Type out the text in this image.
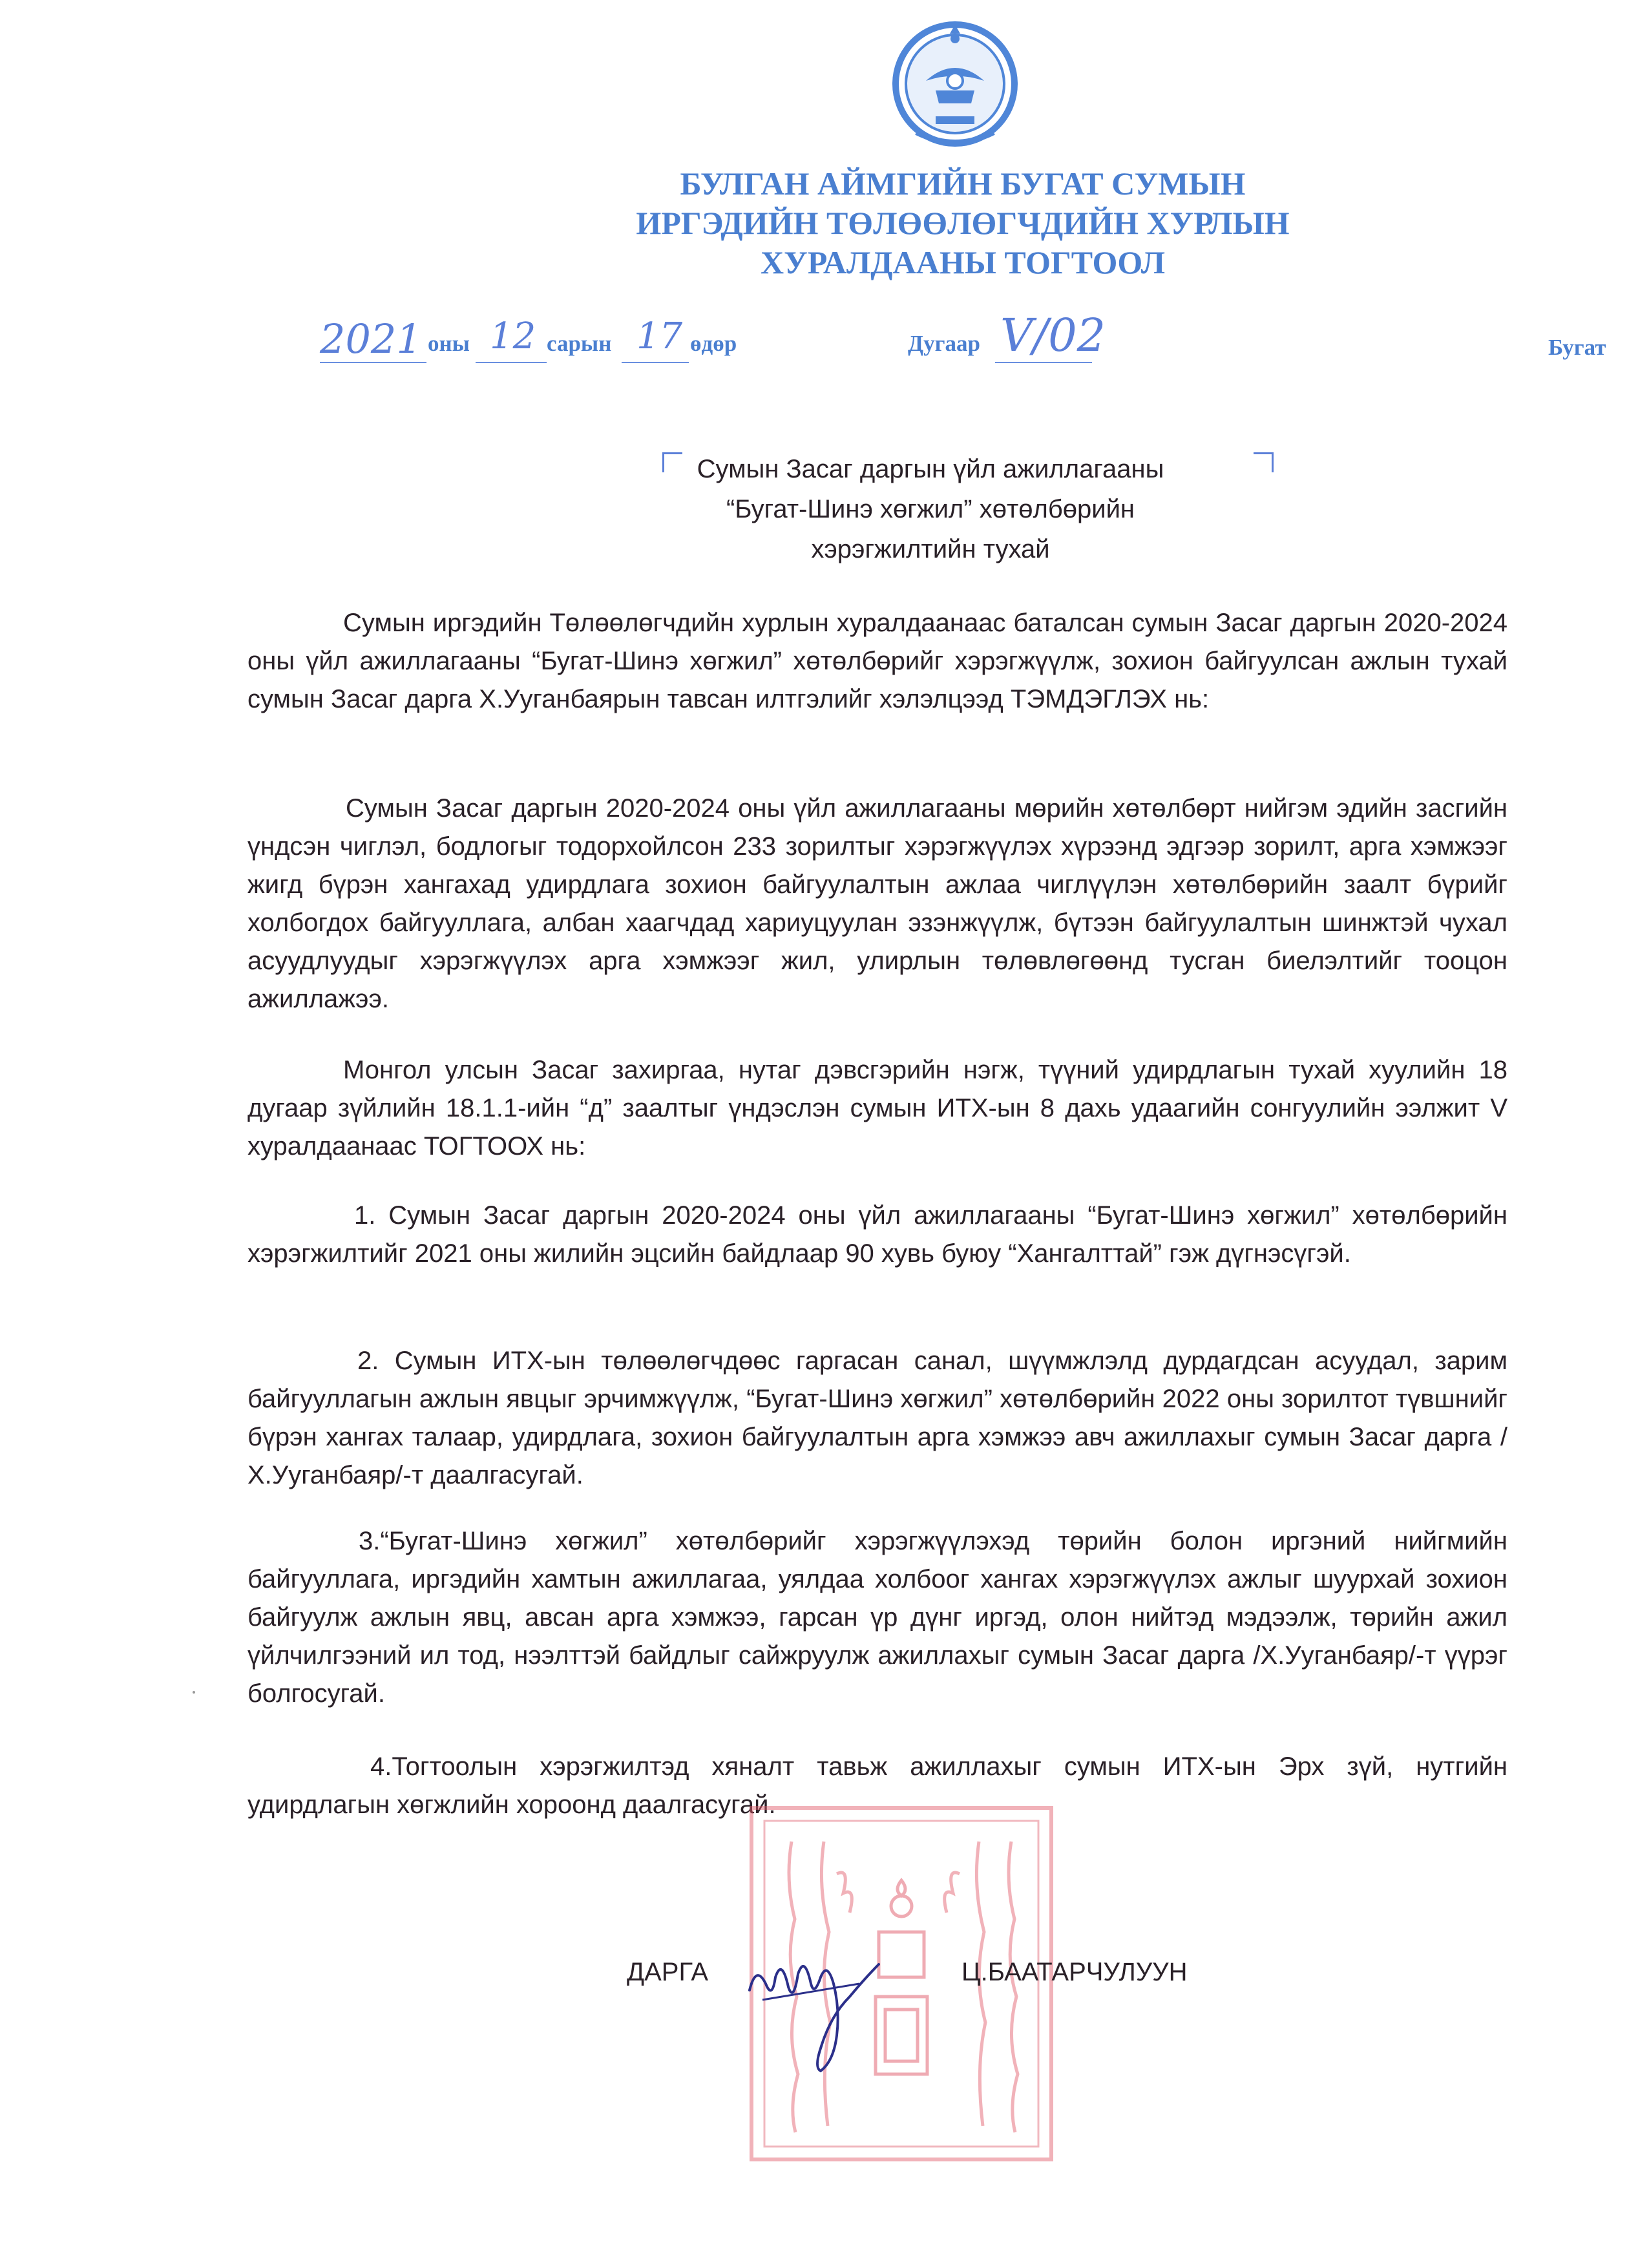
БУЛГАН АЙМГИЙН БУГАТ СУМЫН
ИРГЭДИЙН ТӨЛӨӨЛӨГЧДИЙН ХУРЛЫН
ХУРАЛДААНЫ ТОГТООЛ
2021 оны 12 сарын 17 өдөр	Дугаар V/02	Бугат
Сумын Засаг даргын үйл ажиллагааны
“Бугат-Шинэ хөгжил” хөтөлбөрийн
хэрэгжилтийн тухай
Сумын иргэдийн Төлөөлөгчдийн хурлын хуралдаанаас баталсан сумын Засаг даргын 2020-2024 оны үйл ажиллагааны “Бугат-Шинэ хөгжил” хөтөлбөрийг хэрэгжүүлж, зохион байгуулсан ажлын тухай сумын Засаг дарга Х.Ууганбаярын тавсан илтгэлийг хэлэлцээд ТЭМДЭГЛЭХ нь:
Сумын Засаг даргын 2020-2024 оны үйл ажиллагааны мөрийн хөтөлбөрт нийгэм эдийн засгийн үндсэн чиглэл, бодлогыг тодорхойлсон 233 зорилтыг хэрэгжүүлэх хүрээнд эдгээр зорилт, арга хэмжээг жигд бүрэн хангахад удирдлага зохион байгуулалтын ажлаа чиглүүлэн хөтөлбөрийн заалт бүрийг холбогдох байгууллага, албан хаагчдад хариуцуулан эзэнжүүлж, бүтээн байгуулалтын шинжтэй чухал асуудлуудыг хэрэгжүүлэх арга хэмжээг жил, улирлын төлөвлөгөөнд тусган биелэлтийг тооцон ажиллажээ.
Монгол улсын Засаг захиргаа, нутаг дэвсгэрийн нэгж, түүний удирдлагын тухай хуулийн 18 дугаар зүйлийн 18.1.1-ийн “д” заалтыг үндэслэн сумын ИТХ-ын 8 дахь удаагийн сонгуулийн ээлжит V хуралдаанаас ТОГТООХ нь:
1. Сумын Засаг даргын 2020-2024 оны үйл ажиллагааны “Бугат-Шинэ хөгжил” хөтөлбөрийн хэрэгжилтийг 2021 оны жилийн эцсийн байдлаар 90 хувь буюу “Хангалттай” гэж дүгнэсүгэй.
2. Сумын ИТХ-ын төлөөлөгчдөөс гаргасан санал, шүүмжлэлд дурдагдсан асуудал, зарим байгууллагын ажлын явцыг эрчимжүүлж, “Бугат-Шинэ хөгжил” хөтөлбөрийн 2022 оны зорилтот түвшнийг бүрэн хангах талаар, удирдлага, зохион байгуулалтын арга хэмжээ авч ажиллахыг сумын Засаг дарга /Х.Ууганбаяр/-т даалгасугай.
3.“Бугат-Шинэ хөгжил” хөтөлбөрийг хэрэгжүүлэхэд төрийн болон иргэний нийгмийн байгууллага, иргэдийн хамтын ажиллагаа, уялдаа холбоог хангах хэрэгжүүлэх ажлыг шуурхай зохион байгуулж ажлын явц, авсан арга хэмжээ, гарсан үр дүнг иргэд, олон нийтэд мэдээлж, төрийн ажил үйлчилгээний ил тод, нээлттэй байдлыг сайжруулж ажиллахыг сумын Засаг дарга /Х.Ууганбаяр/-т үүрэг болгосугай.
4.Тогтоолын хэрэгжилтэд хяналт тавьж ажиллахыг сумын ИТХ-ын Эрх зүй, нутгийн удирдлагын хөгжлийн хороонд даалгасугай.
ДАРГА	Ц.БААТАРЧУЛУУН
